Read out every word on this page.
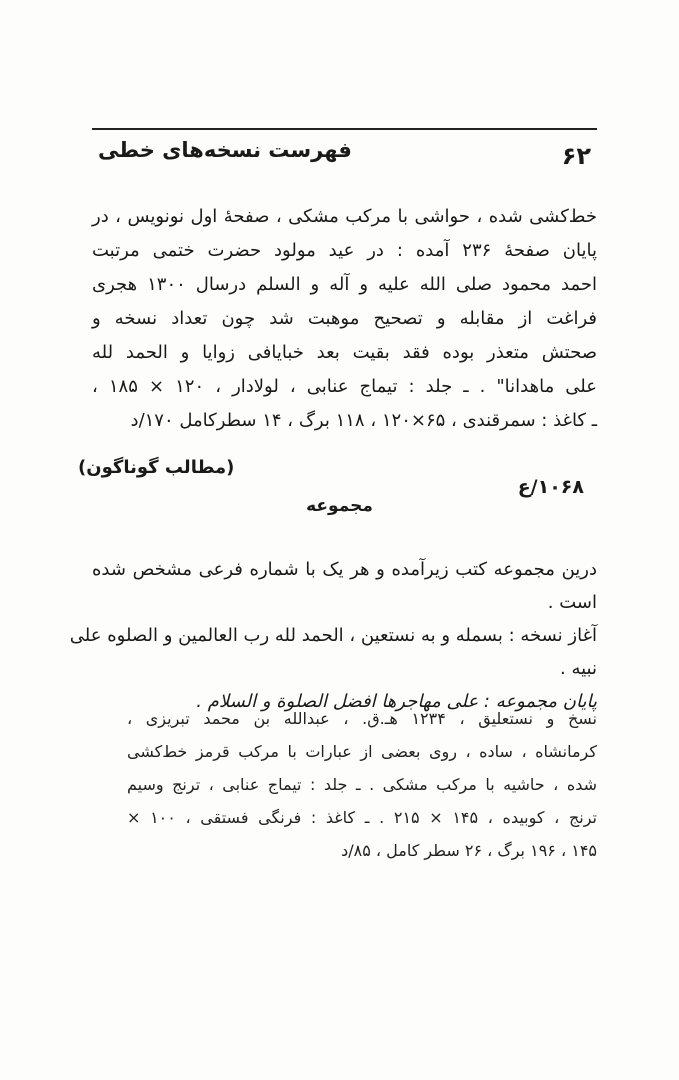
۶۲
فهرست نسخه‌های خطی
خط‌کشی شده ، حواشی با مرکب مشکی ، صفحهٔ اول نونویس ، در
پایان صفحهٔ ۲۳۶ آمده : در عید مولود حضرت ختمی مرتبت
احمد محمود صلی الله علیه و آله و السلم درسال ۱۳۰۰ هجری
فراغت از مقابله و تصحیح موهبت شد چون تعداد نسخه و
صحتش متعذر بوده فقد بقیت بعد خبایافی زوایا و الحمد لله
علی ماهدانا" . ـ جلد : تیماج عنابی ، لولادار ، ۱۲۰ × ۱۸۵ ،
ـ کاغذ : سمرقندی ، ۶۵×۱۲۰ ، ۱۱۸ برگ ، ۱۴ سطرکامل ۱۷۰/د
(مطالب گوناگون)
۱۰۶۸/ع
مجموعه
درین مجموعه کتب زیرآمده و هر یک با شماره فرعی مشخص شده
است .
آغاز نسخه : بسمله و به نستعین ، الحمد لله رب العالمین و الصلوه علی
نبیه .
پایان مجموعه : علی مهاجرها افضل الصلوة و السلام .
نسخ و نستعلیق ، ۱۲۳۴ هـ.ق. ، عبدالله بن محمد تبریزی ،
کرمانشاه ، ساده ، روی بعضی از عبارات با مرکب قرمز خط‌کشی
شده ، حاشیه با مرکب مشکی . ـ جلد : تیماج عنابی ، ترنج وسیم
ترنج ، کوبیده ، ۱۴۵ × ۲۱۵ . ـ کاغذ : فرنگی فستقی ، ۱۰۰ ×
۱۴۵ ، ۱۹۶ برگ ، ۲۶ سطر کامل ، ۸۵/د
